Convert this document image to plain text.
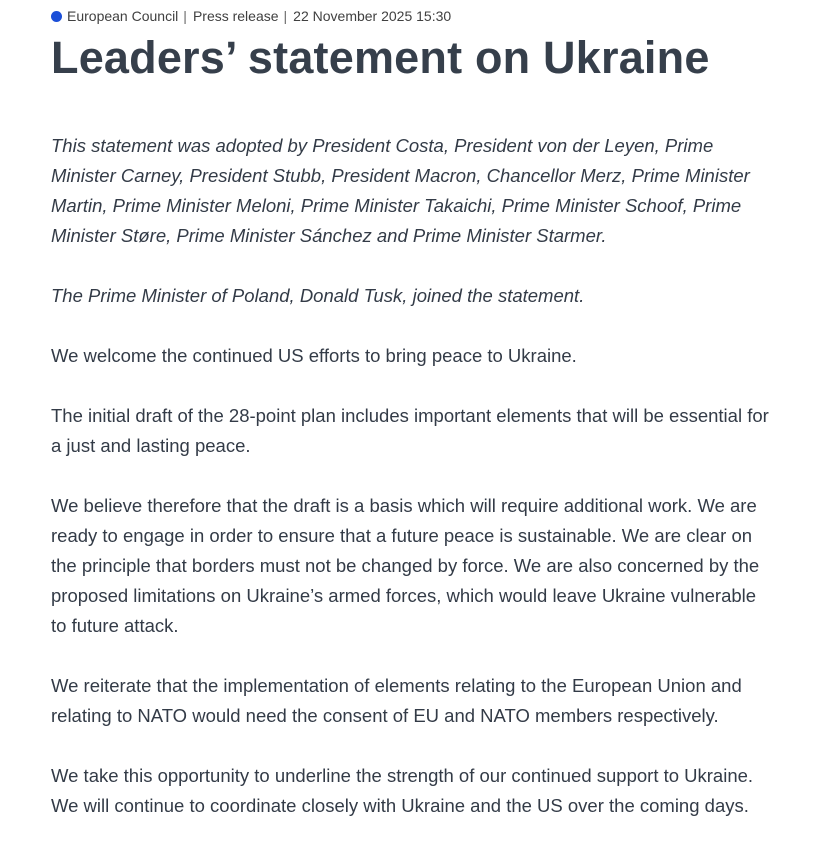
European Council | Press release | 22 November 2025 15:30
Leaders’ statement on Ukraine

This statement was adopted by President Costa, President von der Leyen, Prime Minister Carney, President Stubb, President Macron, Chancellor Merz, Prime Minister Martin, Prime Minister Meloni, Prime Minister Takaichi, Prime Minister Schoof, Prime Minister Støre, Prime Minister Sánchez and Prime Minister Starmer.

The Prime Minister of Poland, Donald Tusk, joined the statement.

We welcome the continued US efforts to bring peace to Ukraine.

The initial draft of the 28-point plan includes important elements that will be essential for a just and lasting peace.

We believe therefore that the draft is a basis which will require additional work. We are ready to engage in order to ensure that a future peace is sustainable. We are clear on the principle that borders must not be changed by force. We are also concerned by the proposed limitations on Ukraine’s armed forces, which would leave Ukraine vulnerable to future attack.

We reiterate that the implementation of elements relating to the European Union and relating to NATO would need the consent of EU and NATO members respectively.

We take this opportunity to underline the strength of our continued support to Ukraine. We will continue to coordinate closely with Ukraine and the US over the coming days.
